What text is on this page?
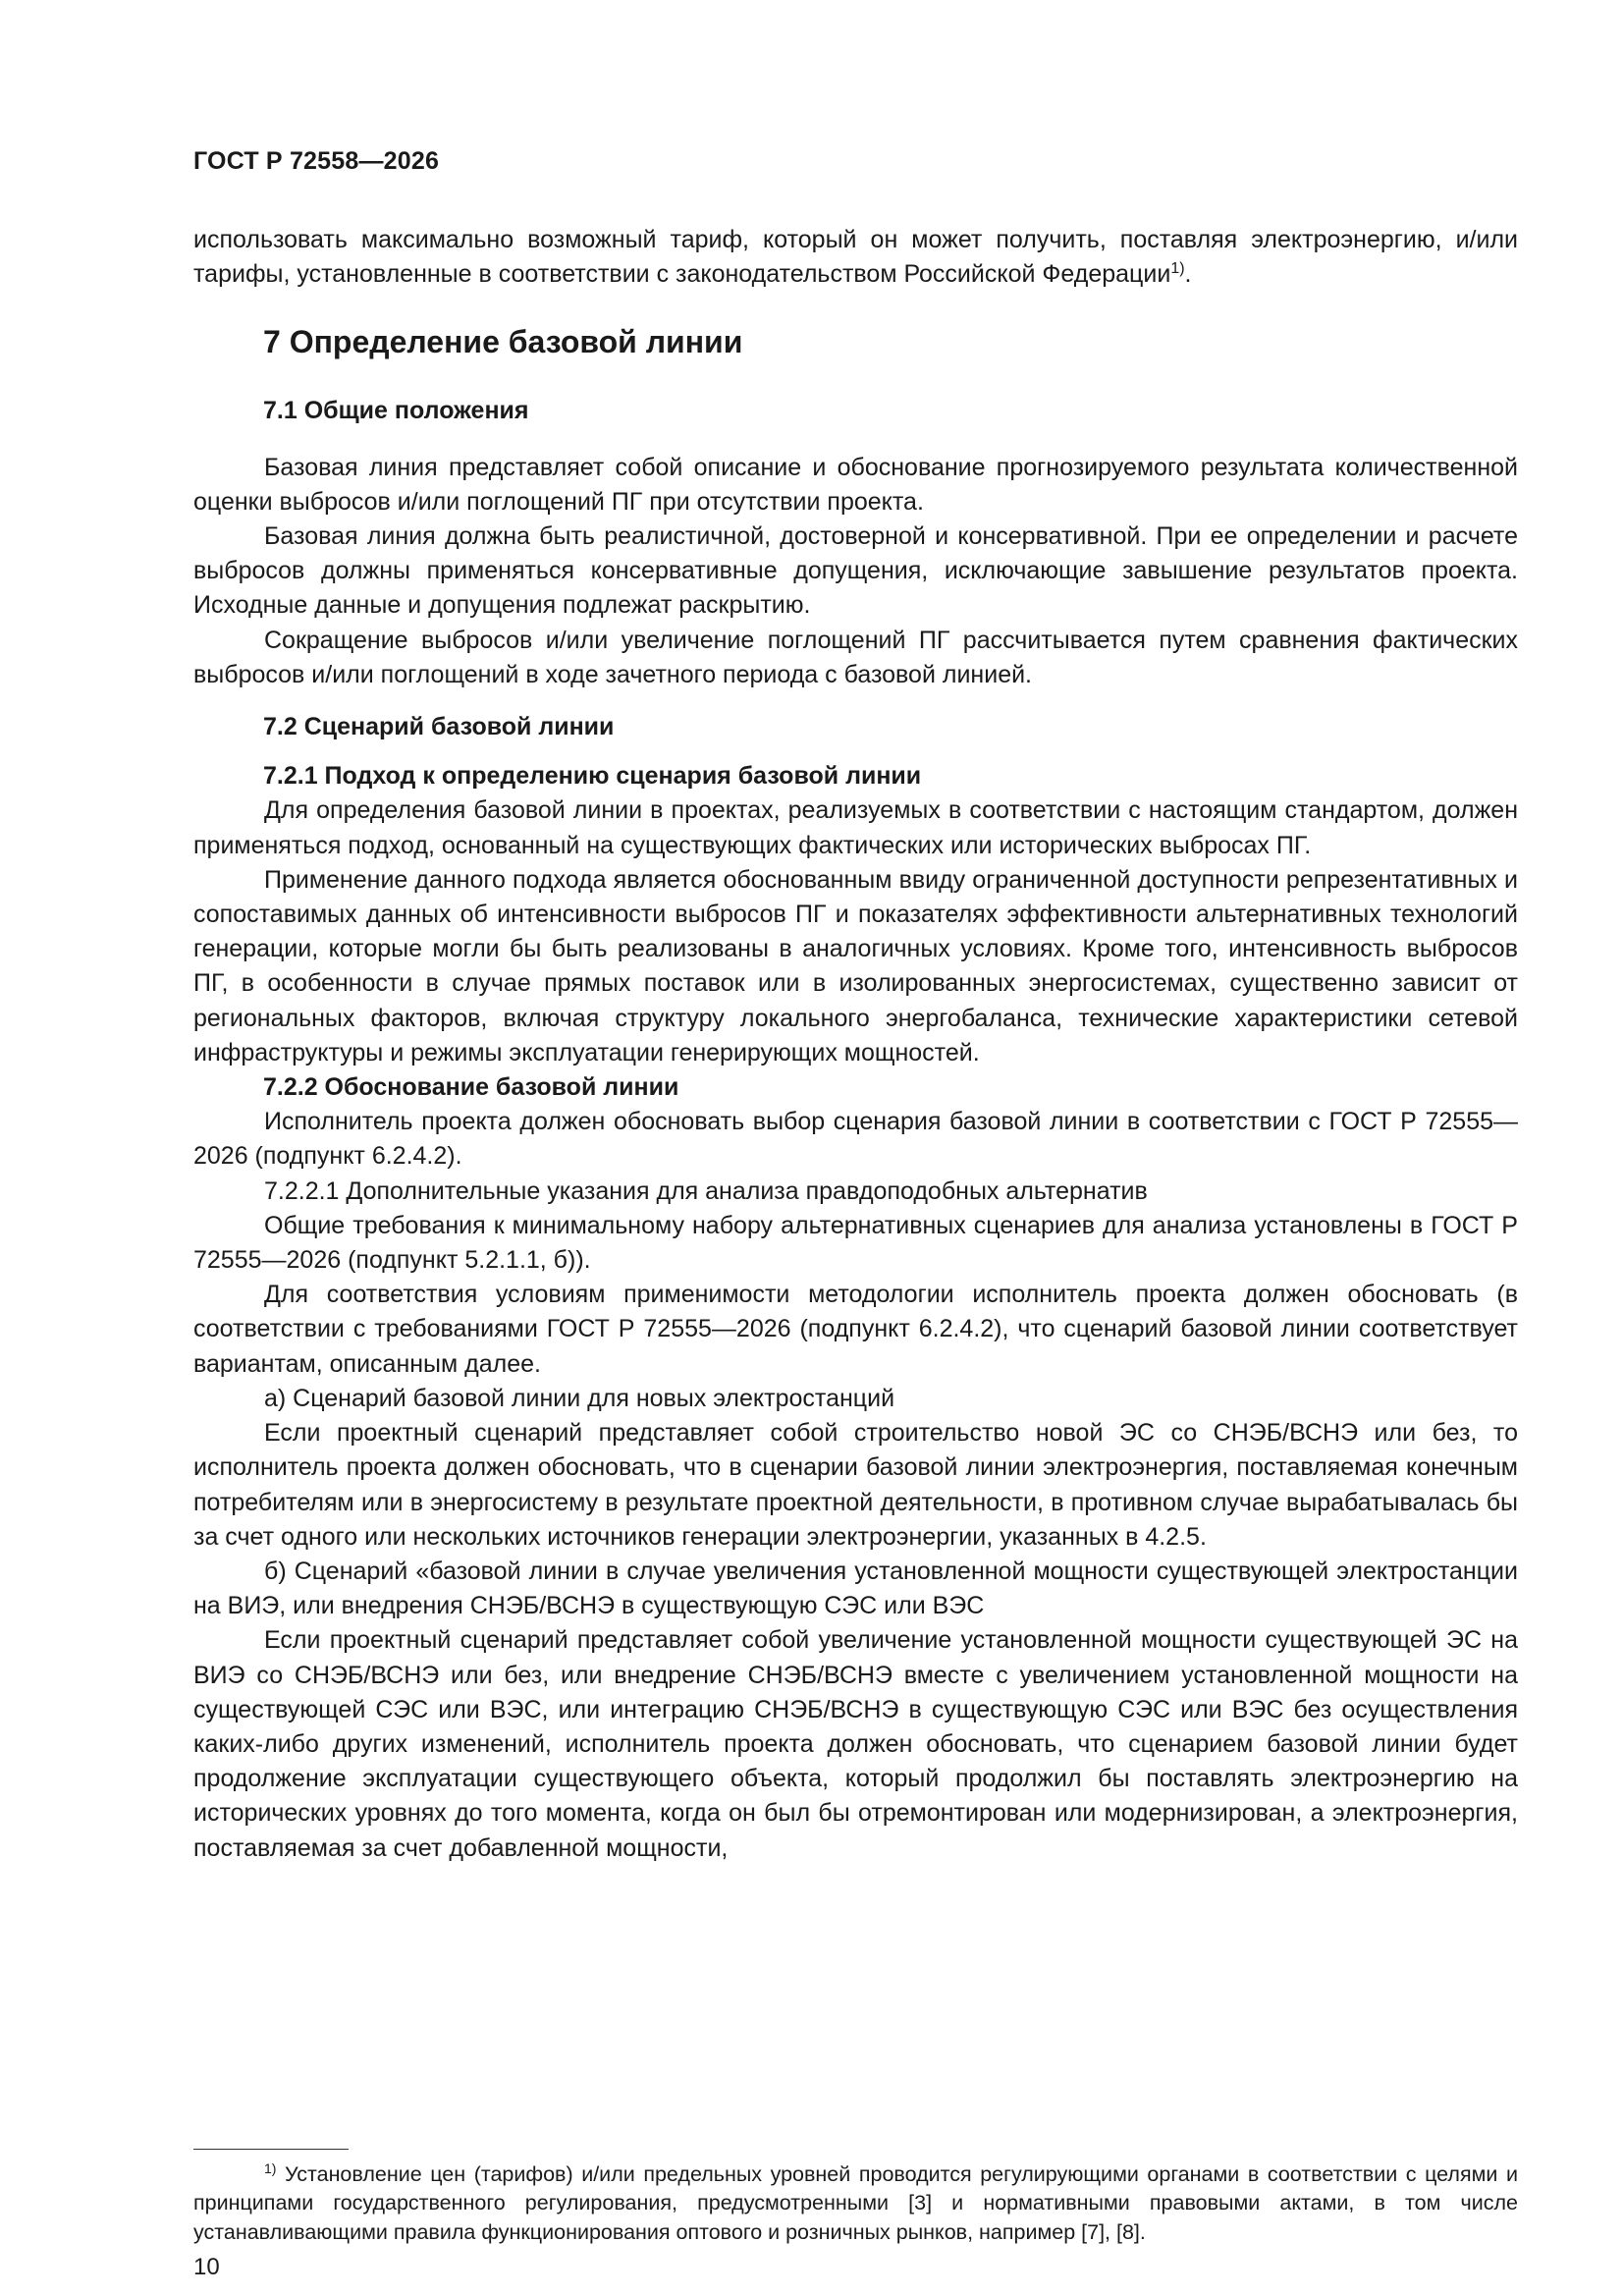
ГОСТ Р 72558—2026

использовать максимально возможный тариф, который он может получить, поставляя электроэнергию, и/или тарифы, установленные в соответствии с законодательством Российской Федерации$^{1)}$.

7 Определение базовой линии

7.1 Общие положения

Базовая линия представляет собой описание и обоснование прогнозируемого результата количественной оценки выбросов и/или поглощений ПГ при отсутствии проекта.

Базовая линия должна быть реалистичной, достоверной и консервативной. При ее определении и расчете выбросов должны применяться консервативные допущения, исключающие завышение результатов проекта. Исходные данные и допущения подлежат раскрытию.

Сокращение выбросов и/или увеличение поглощений ПГ рассчитывается путем сравнения фактических выбросов и/или поглощений в ходе зачетного периода с базовой линией.

7.2 Сценарий базовой линии

7.2.1 Подход к определению сценария базовой линии

Для определения базовой линии в проектах, реализуемых в соответствии с настоящим стандартом, должен применяться подход, основанный на существующих фактических или исторических выбросах ПГ.

Применение данного подхода является обоснованным ввиду ограниченной доступности репрезентативных и сопоставимых данных об интенсивности выбросов ПГ и показателях эффективности альтернативных технологий генерации, которые могли бы быть реализованы в аналогичных условиях. Кроме того, интенсивность выбросов ПГ, в особенности в случае прямых поставок или в изолированных энергосистемах, существенно зависит от региональных факторов, включая структуру локального энергобаланса, технические характеристики сетевой инфраструктуры и режимы эксплуатации генерирующих мощностей.

7.2.2 Обоснование базовой линии

Исполнитель проекта должен обосновать выбор сценария базовой линии в соответствии с ГОСТ Р 72555—2026 (подпункт 6.2.4.2).

7.2.2.1 Дополнительные указания для анализа правдоподобных альтернатив

Общие требования к минимальному набору альтернативных сценариев для анализа установлены в ГОСТ Р 72555—2026 (подпункт 5.2.1.1, б)).

Для соответствия условиям применимости методологии исполнитель проекта должен обосновать (в соответствии с требованиями ГОСТ Р 72555—2026 (подпункт 6.2.4.2), что сценарий базовой линии соответствует вариантам, описанным далее.

а) Сценарий базовой линии для новых электростанций

Если проектный сценарий представляет собой строительство новой ЭС со СНЭБ/ВСНЭ или без, то исполнитель проекта должен обосновать, что в сценарии базовой линии электроэнергия, поставляемая конечным потребителям или в энергосистему в результате проектной деятельности, в противном случае вырабатывалась бы за счет одного или нескольких источников генерации электроэнергии, указанных в 4.2.5.

б) Сценарий «базовой линии в случае увеличения установленной мощности существующей электростанции на ВИЭ, или внедрения СНЭБ/ВСНЭ в существующую СЭС или ВЭС

Если проектный сценарий представляет собой увеличение установленной мощности существующей ЭС на ВИЭ со СНЭБ/ВСНЭ или без, или внедрение СНЭБ/ВСНЭ вместе с увеличением установленной мощности на существующей СЭС или ВЭС, или интеграцию СНЭБ/ВСНЭ в существующую СЭС или ВЭС без осуществления каких-либо других изменений, исполнитель проекта должен обосновать, что сценарием базовой линии будет продолжение эксплуатации существующего объекта, который продолжил бы поставлять электроэнергию на исторических уровнях до того момента, когда он был бы отремонтирован или модернизирован, а электроэнергия, поставляемая за счет добавленной мощности,

$^{1)}$ Установление цен (тарифов) и/или предельных уровней проводится регулирующими органами в соответствии с целями и принципами государственного регулирования, предусмотренными [3] и нормативными правовыми актами, в том числе устанавливающими правила функционирования оптового и розничных рынков, например [7], [8].

10
